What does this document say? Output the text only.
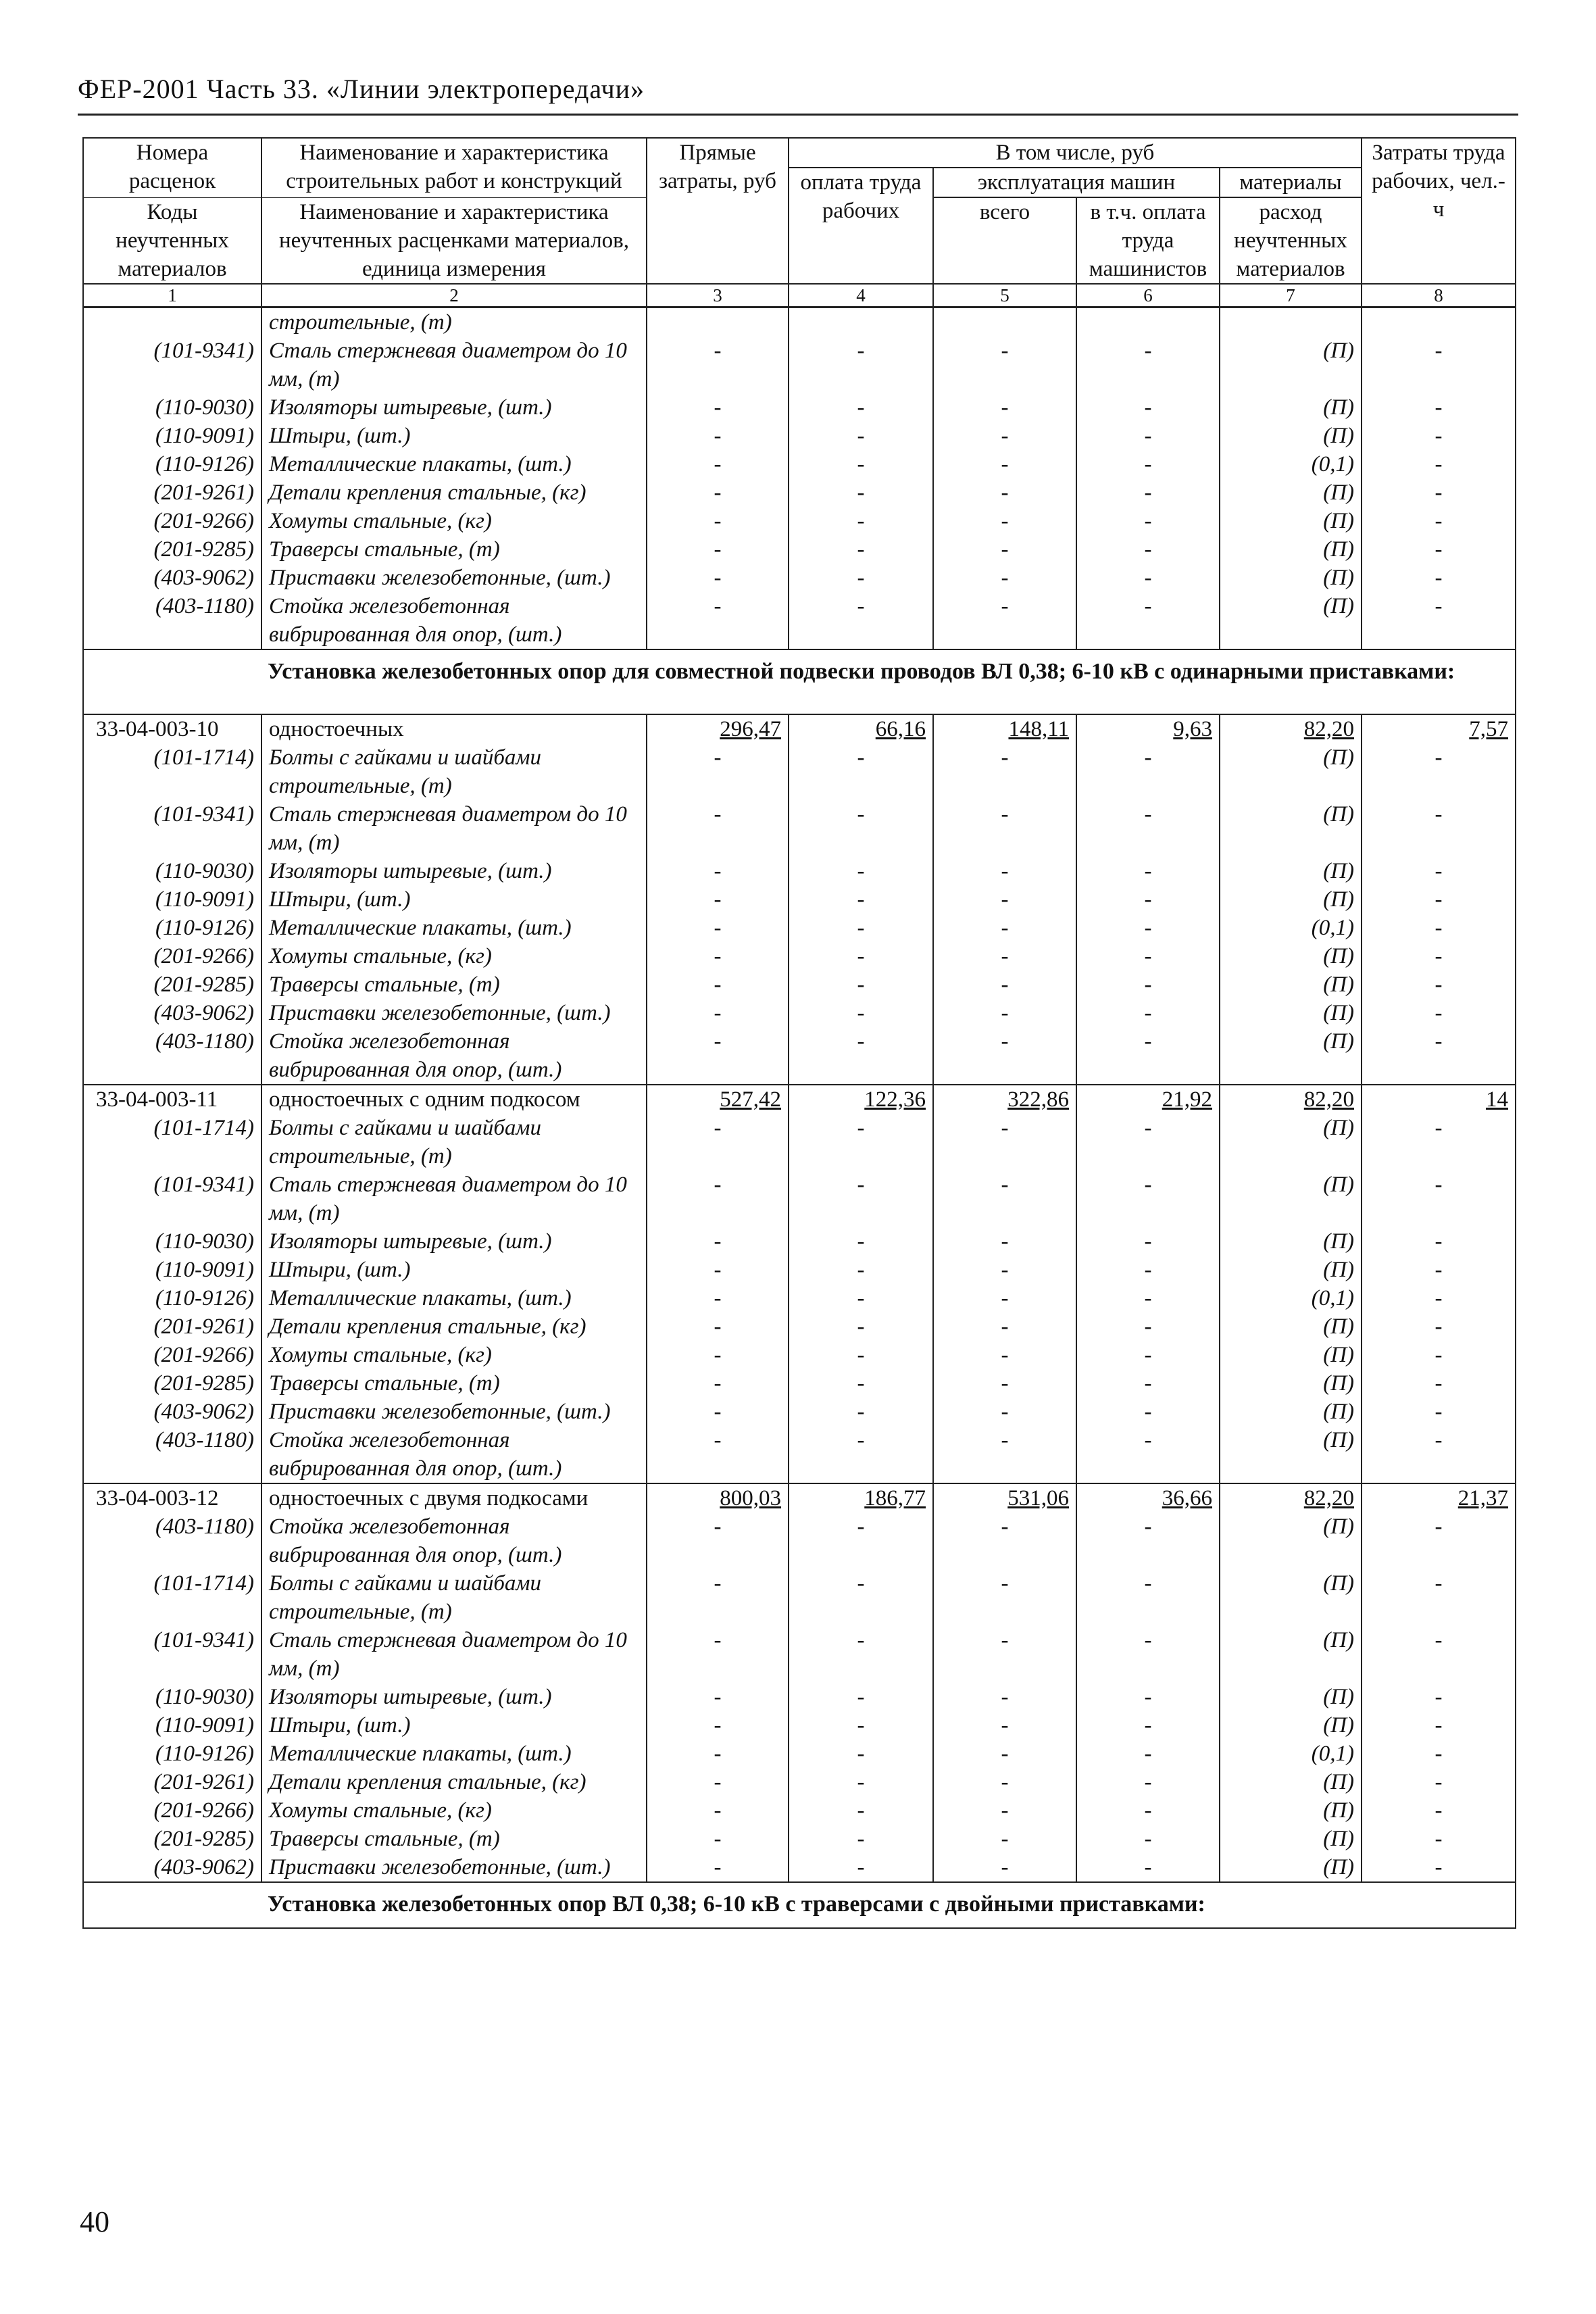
ФЕР-2001 Часть 33. «Линии электропередачи»
Номера расценок	Наименование и характеристика строительных работ и конструкций	Прямые затраты, руб	В том числе, руб				Затраты труда рабочих, чел.-ч
			оплата труда рабочих	эксплуатация машин		материалы	
Коды неучтенных материалов	Наименование и характеристика неучтенных расценками материалов, единица измерения			всего	в т.ч. оплата труда машинистов	расход неучтенных материалов	

1	2	3	4	5	6	7	8
	строительные, (т)						
(101-9341)	Сталь стержневая диаметром до 10 мм, (т)	-	-	-	-	(П)	-
(110-9030)	Изоляторы штыревые, (шт.)	-	-	-	-	(П)	-
(110-9091)	Штыри, (шт.)	-	-	-	-	(П)	-
(110-9126)	Металлические плакаты, (шт.)	-	-	-	-	(0,1)	-
(201-9261)	Детали крепления стальные, (кг)	-	-	-	-	(П)	-
(201-9266)	Хомуты стальные, (кг)	-	-	-	-	(П)	-
(201-9285)	Траверсы стальные, (т)	-	-	-	-	(П)	-
(403-9062)	Приставки железобетонные, (шт.)	-	-	-	-	(П)	-
(403-1180)	Стойка железобетонная вибрированная для опор, (шт.)	-	-	-	-	(П)	-
Установка железобетонных опор для совместной подвески проводов ВЛ 0,38; 6-10 кВ с одинарными приставками:							
33-04-003-10	одностоечных	296,47	66,16	148,11	9,63	82,20	7,57
(101-1714)	Болты с гайками и шайбами строительные, (т)	-	-	-	-	(П)	-
(101-9341)	Сталь стержневая диаметром до 10 мм, (т)	-	-	-	-	(П)	-
(110-9030)	Изоляторы штыревые, (шт.)	-	-	-	-	(П)	-
(110-9091)	Штыри, (шт.)	-	-	-	-	(П)	-
(110-9126)	Металлические плакаты, (шт.)	-	-	-	-	(0,1)	-
(201-9266)	Хомуты стальные, (кг)	-	-	-	-	(П)	-
(201-9285)	Траверсы стальные, (т)	-	-	-	-	(П)	-
(403-9062)	Приставки железобетонные, (шт.)	-	-	-	-	(П)	-
(403-1180)	Стойка железобетонная вибрированная для опор, (шт.)	-	-	-	-	(П)	-
33-04-003-11	одностоечных с одним подкосом	527,42	122,36	322,86	21,92	82,20	14
(101-1714)	Болты с гайками и шайбами строительные, (т)	-	-	-	-	(П)	-
(101-9341)	Сталь стержневая диаметром до 10 мм, (т)	-	-	-	-	(П)	-
(110-9030)	Изоляторы штыревые, (шт.)	-	-	-	-	(П)	-
(110-9091)	Штыри, (шт.)	-	-	-	-	(П)	-
(110-9126)	Металлические плакаты, (шт.)	-	-	-	-	(0,1)	-
(201-9261)	Детали крепления стальные, (кг)	-	-	-	-	(П)	-
(201-9266)	Хомуты стальные, (кг)	-	-	-	-	(П)	-
(201-9285)	Траверсы стальные, (т)	-	-	-	-	(П)	-
(403-9062)	Приставки железобетонные, (шт.)	-	-	-	-	(П)	-
(403-1180)	Стойка железобетонная вибрированная для опор, (шт.)	-	-	-	-	(П)	-
33-04-003-12	одностоечных с двумя подкосами	800,03	186,77	531,06	36,66	82,20	21,37
(403-1180)	Стойка железобетонная вибрированная для опор, (шт.)	-	-	-	-	(П)	-
(101-1714)	Болты с гайками и шайбами строительные, (т)	-	-	-	-	(П)	-
(101-9341)	Сталь стержневая диаметром до 10 мм, (т)	-	-	-	-	(П)	-
(110-9030)	Изоляторы штыревые, (шт.)	-	-	-	-	(П)	-
(110-9091)	Штыри, (шт.)	-	-	-	-	(П)	-
(110-9126)	Металлические плакаты, (шт.)	-	-	-	-	(0,1)	-
(201-9261)	Детали крепления стальные, (кг)	-	-	-	-	(П)	-
(201-9266)	Хомуты стальные, (кг)	-	-	-	-	(П)	-
(201-9285)	Траверсы стальные, (т)	-	-	-	-	(П)	-
(403-9062)	Приставки железобетонные, (шт.)	-	-	-	-	(П)	-
Установка железобетонных опор ВЛ 0,38; 6-10 кВ с траверсами с двойными приставками:							
40
